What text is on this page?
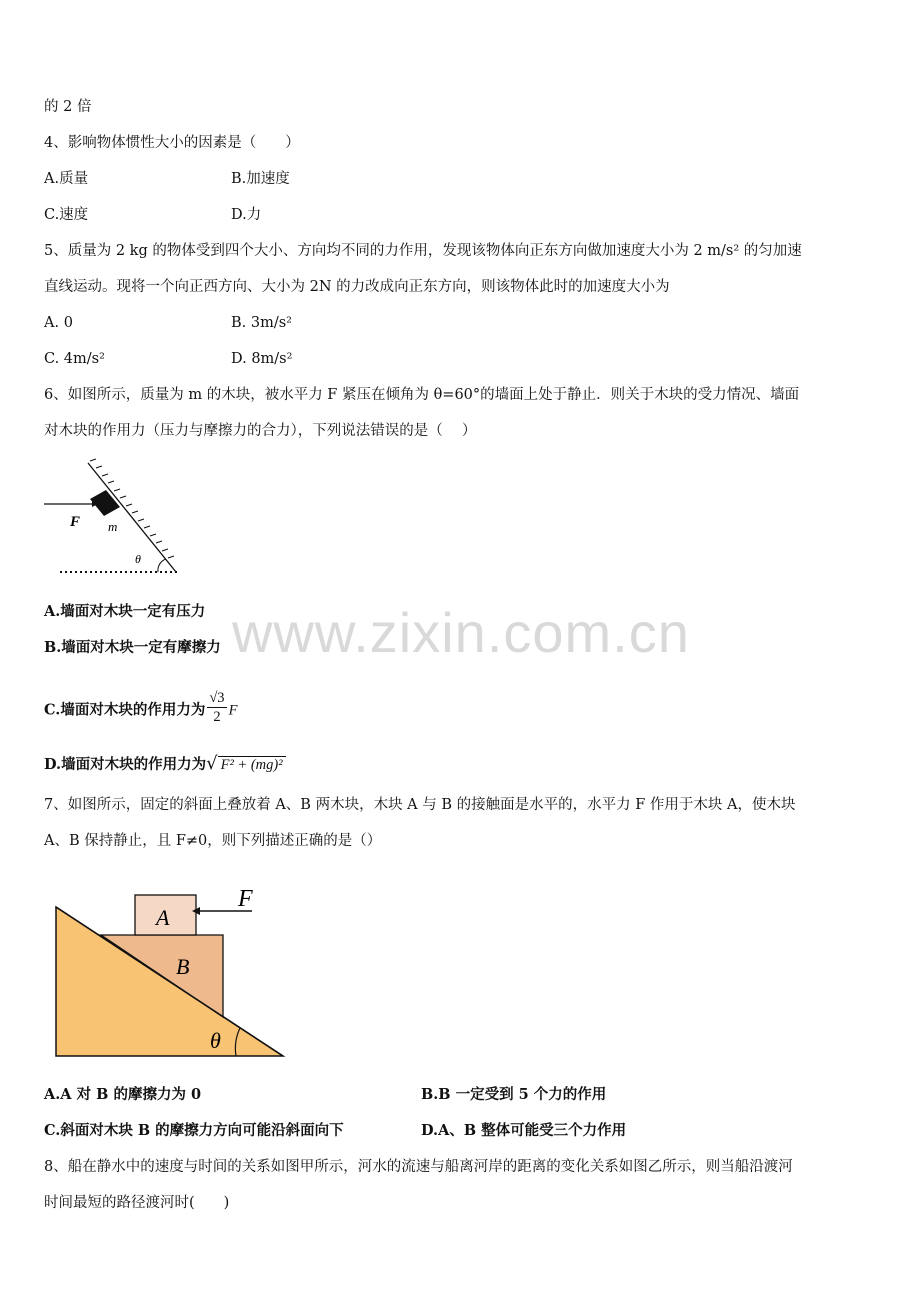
www.zixin.com.cn
的 2 倍
4、影响物体惯性大小的因素是（　　）
A.质量	B.加速度
C.速度	D.力
5、质量为 2 kg 的物体受到四个大小、方向均不同的力作用，发现该物体向正东方向做加速度大小为 2 m/s² 的匀加速
直线运动。现将一个向正西方向、大小为 2N 的力改成向正东方向，则该物体此时的加速度大小为
A. 0	B. 3m/s²
C. 4m/s²	D. 8m/s²
6、如图所示，质量为 m 的木块，被水平力 F 紧压在倾角为 θ=60°的墙面上处于静止．则关于木块的受力情况、墙面
对木块的作用力（压力与摩擦力的合力），下列说法错误的是（　 ）
F m
θ
A.墙面对木块一定有压力
B.墙面对木块一定有摩擦力
C.墙面对木块的作用力为 $\frac{√3}{2}$ F
D.墙面对木块的作用力为√ F² + (mg)²
7、如图所示，固定的斜面上叠放着 A、B 两木块，木块 A 与 B 的接触面是水平的，水平力 F 作用于木块 A，使木块
A、B 保持静止，且 F≠0，则下列描述正确的是（）
A
B
F
θ
A.A 对 B 的摩擦力为 0	B.B 一定受到 5 个力的作用
C.斜面对木块 B 的摩擦力方向可能沿斜面向下	D.A、B 整体可能受三个力作用
8、船在静水中的速度与时间的关系如图甲所示，河水的流速与船离河岸的距离的变化关系如图乙所示，则当船沿渡河
时间最短的路径渡河时(　　)
